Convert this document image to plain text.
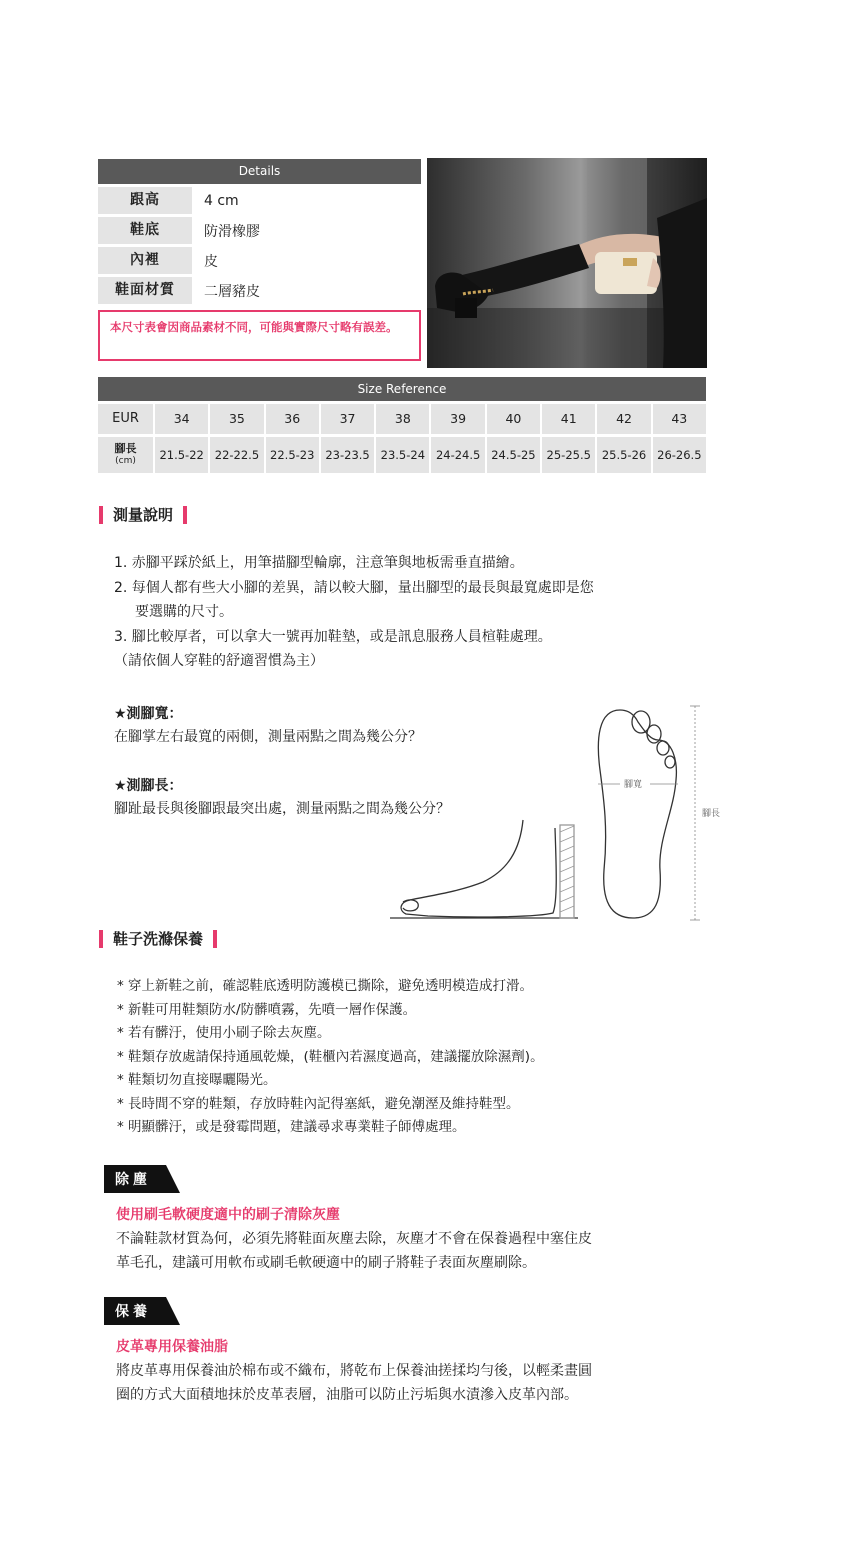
Details
跟高	4 cm
鞋底	防滑橡膠
內裡	皮
鞋面材質	二層豬皮
本尺寸表會因商品素材不同，可能與實際尺寸略有誤差。
Size Reference
EUR	34	35	36	37	38	39	40	41	42	43
腳長
(cm)	21.5-22 22-22.5 22.5-23 23-23.5 23.5-24 24-24.5 24.5-25 25-25.5 25.5-26 26-26.5
測量說明
1. 赤腳平踩於紙上，用筆描腳型輪廓，注意筆與地板需垂直描繪。
2. 每個人都有些大小腳的差異，請以較大腳，量出腳型的最長與最寬處即是您
要選購的尺寸。
3. 腳比較厚者，可以拿大一號再加鞋墊，或是訊息服務人員楦鞋處理。
（請依個人穿鞋的舒適習慣為主）
★測腳寬：
在腳掌左右最寬的兩側，測量兩點之間為幾公分？
★測腳長：
腳趾最長與後腳跟最突出處，測量兩點之間為幾公分？
腳寬
腳長
鞋子洗滌保養
* 穿上新鞋之前，確認鞋底透明防護模已撕除，避免透明模造成打滑。
* 新鞋可用鞋類防水/防髒噴霧，先噴一層作保護。
* 若有髒汙，使用小刷子除去灰塵。
* 鞋類存放處請保持通風乾燥，(鞋櫃內若濕度過高，建議擺放除濕劑)。
* 鞋類切勿直接曝曬陽光。
* 長時間不穿的鞋類，存放時鞋內記得塞紙，避免潮溼及維持鞋型。
* 明顯髒汙，或是發霉問題，建議尋求專業鞋子師傅處理。
除塵
使用刷毛軟硬度適中的刷子清除灰塵
不論鞋款材質為何，必須先將鞋面灰塵去除，灰塵才不會在保養過程中塞住皮
革毛孔，建議可用軟布或刷毛軟硬適中的刷子將鞋子表面灰塵刷除。
保養
皮革專用保養油脂
將皮革專用保養油於棉布或不織布，將乾布上保養油搓揉均勻後，以輕柔畫圓
圈的方式大面積地抹於皮革表層，油脂可以防止污垢與水漬滲入皮革內部。
